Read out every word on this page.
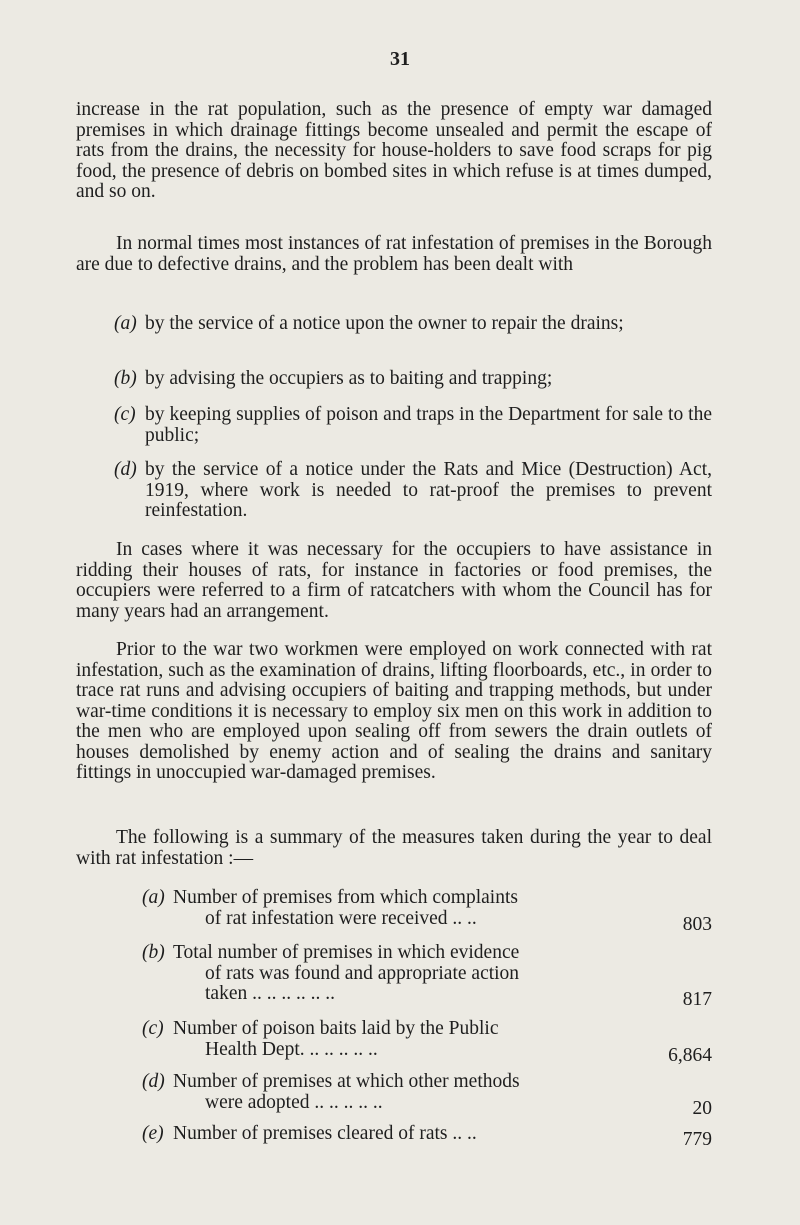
31

increase in the rat population, such as the presence of empty war damaged premises in which drainage fittings become unsealed and permit the escape of rats from the drains, the necessity for house-holders to save food scraps for pig food, the presence of debris on bombed sites in which refuse is at times dumped, and so on.

In normal times most instances of rat infestation of premises in the Borough are due to defective drains, and the problem has been dealt with

(a) by the service of a notice upon the owner to repair the drains;
(b) by advising the occupiers as to baiting and trapping;
(c) by keeping supplies of poison and traps in the Department for sale to the public;
(d) by the service of a notice under the Rats and Mice (Destruction) Act, 1919, where work is needed to rat-proof the premises to prevent reinfestation.

In cases where it was necessary for the occupiers to have assistance in ridding their houses of rats, for instance in factories or food premises, the occupiers were referred to a firm of ratcatchers with whom the Council has for many years had an arrangement.

Prior to the war two workmen were employed on work connected with rat infestation, such as the examination of drains, lifting floorboards, etc., in order to trace rat runs and advising occupiers of baiting and trapping methods, but under war-time conditions it is necessary to employ six men on this work in addition to the men who are employed upon sealing off from sewers the drain outlets of houses demolished by enemy action and of sealing the drains and sanitary fittings in unoccupied war-damaged premises.

The following is a summary of the measures taken during the year to deal with rat infestation :—

(a) Number of premises from which complaints
of rat infestation were received .. ..	803
(b) Total number of premises in which evidence
of rats was found and appropriate action
taken .. .. .. .. .. ..	817
(c) Number of poison baits laid by the Public
Health Dept. .. .. .. .. ..	6,864
(d) Number of premises at which other methods
were adopted .. .. .. .. ..	20
(e) Number of premises cleared of rats .. ..	779
